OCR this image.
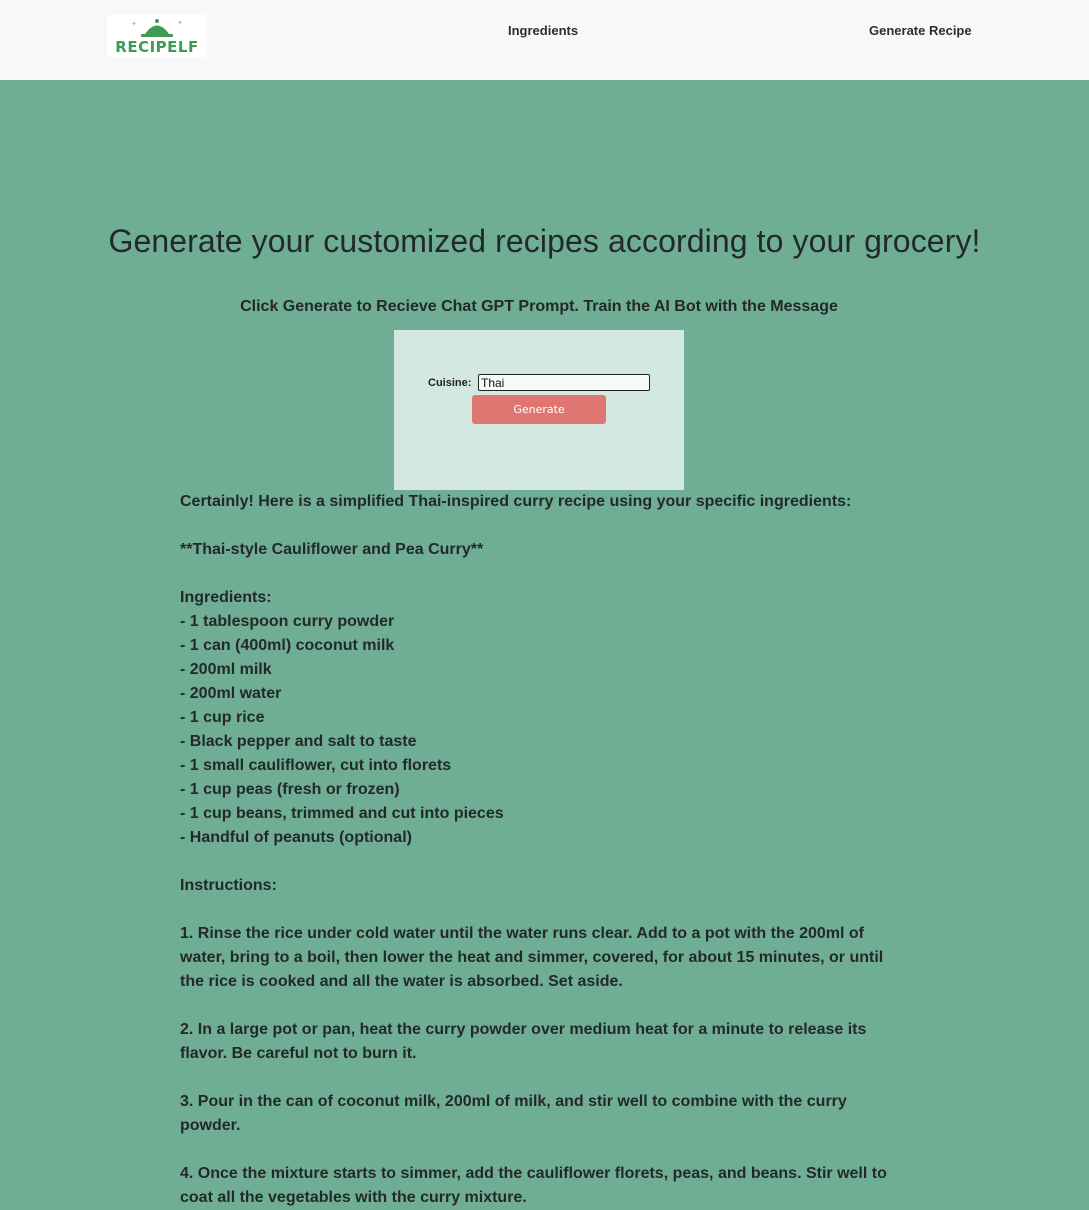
✦	✦
RECIPELF
Ingredients	Generate Recipe
Generate your customized recipes according to your grocery!
Click Generate to Recieve Chat GPT Prompt. Train the AI Bot with the Message
Cuisine:
Thai
Generate

Certainly! Here is a simplified Thai-inspired curry recipe using your specific ingredients:

**Thai-style Cauliflower and Pea Curry**

Ingredients:

- 1 tablespoon curry powder

- 1 can (400ml) coconut milk

- 200ml milk

- 200ml water

- 1 cup rice

- Black pepper and salt to taste

- 1 small cauliflower, cut into florets

- 1 cup peas (fresh or frozen)

- 1 cup beans, trimmed and cut into pieces

- Handful of peanuts (optional)

Instructions:

1. Rinse the rice under cold water until the water runs clear. Add to a pot with the 200ml of water, bring to a boil, then lower the heat and simmer, covered, for about 15 minutes, or until the rice is cooked and all the water is absorbed. Set aside.

2. In a large pot or pan, heat the curry powder over medium heat for a minute to release its flavor. Be careful not to burn it.

3. Pour in the can of coconut milk, 200ml of milk, and stir well to combine with the curry powder.

4. Once the mixture starts to simmer, add the cauliflower florets, peas, and beans. Stir well to coat all the vegetables with the curry mixture.
